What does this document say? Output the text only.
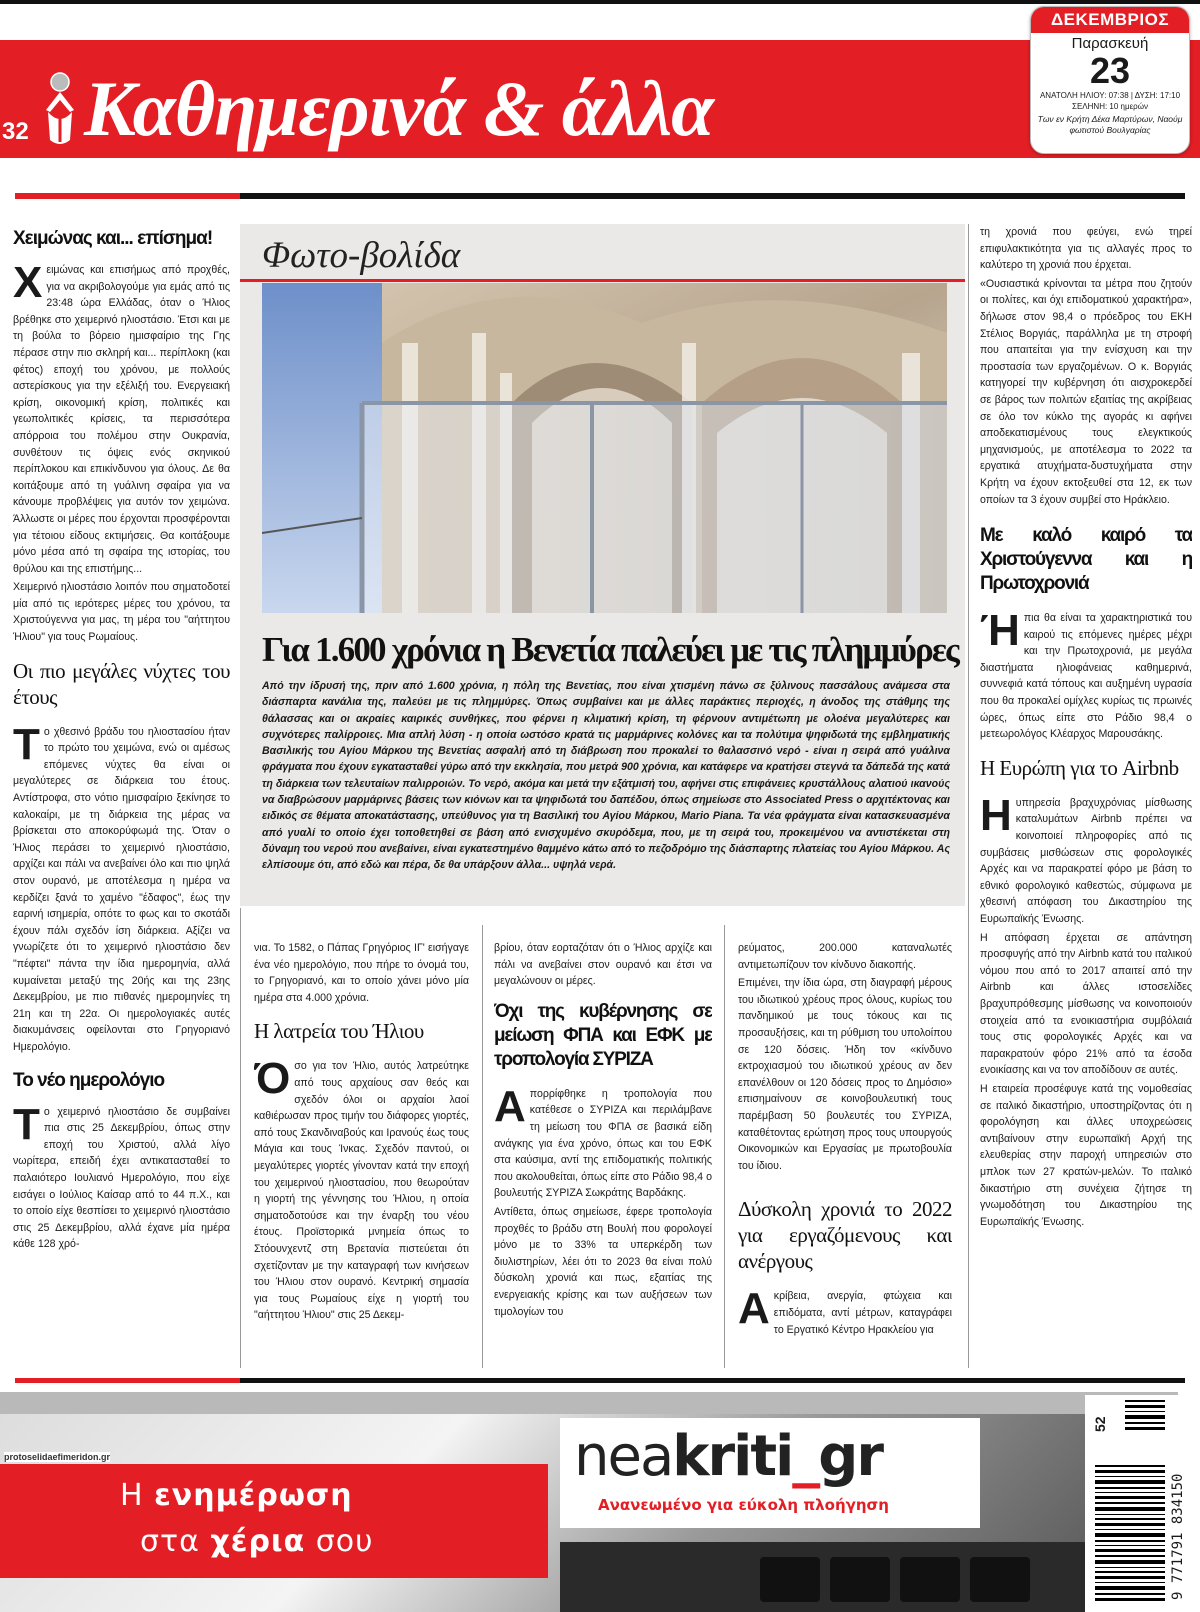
32 Καθημερινά & άλλα
ΔΕΚΕΜΒΡΙΟΣ
Παρασκευή
23
ΑΝΑΤΟΛΗ ΗΛΙΟΥ: 07:38 | ΔΥΣΗ: 17:10
ΣΕΛΗΝΗ: 10 ημερών
Των εν Κρήτη Δέκα Μαρτύρων, Ναούμ φωτιστού Βουλγαρίας
Χειμώνας και... επίσημα!

Χειμώνας και επισήμως από προχθές, για να ακριβολογούμε για εμάς από τις 23:48 ώρα Ελλάδας, όταν ο Ήλιος βρέθηκε στο χειμερινό ηλιοστάσιο. Έτσι και με τη βούλα το βόρειο ημισφαίριο της Γης πέρασε στην πιο σκληρή και... περίπλοκη (και φέτος) εποχή του χρόνου, με πολλούς αστερίσκους για την εξέλιξή του. Ενεργειακή κρίση, οικονομική κρίση, πολιτικές και γεωπολιτικές κρίσεις, τα περισσότερα απόρροια του πολέμου στην Ουκρανία, συνθέτουν τις όψεις ενός σκηνικού περίπλοκου και επικίνδυνου για όλους. Δε θα κοιτάξουμε από τη γυάλινη σφαίρα για να κάνουμε προβλέψεις για αυτόν τον χειμώνα. Άλλωστε οι μέρες που έρχονται προσφέρονται για τέτοιου είδους εκτιμήσεις. Θα κοιτάξουμε μόνο μέσα από τη σφαίρα της ιστορίας, του θρύλου και της επιστήμης...

Χειμερινό ηλιοστάσιο λοιπόν που σηματοδοτεί μία από τις ιερότερες μέρες του χρόνου, τα Χριστούγεννα για μας, τη μέρα του "αήττητου Ήλιου" για τους Ρωμαίους.

Οι πιο μεγάλες νύχτες του έτους

Το χθεσινό βράδυ του ηλιοστασίου ήταν το πρώτο του χειμώνα, ενώ οι αμέσως επόμενες νύχτες θα είναι οι μεγαλύτερες σε διάρκεια του έτους. Αντίστροφα, στο νότιο ημισφαίριο ξεκίνησε το καλοκαίρι, με τη διάρκεια της μέρας να βρίσκεται στο αποκορύφωμά της. Όταν ο Ήλιος περάσει το χειμερινό ηλιοστάσιο, αρχίζει και πάλι να ανεβαίνει όλο και πιο ψηλά στον ουρανό, με αποτέλεσμα η ημέρα να κερδίζει ξανά το χαμένο "έδαφος", έως την εαρινή ισημερία, οπότε το φως και το σκοτάδι έχουν πάλι σχεδόν ίση διάρκεια. Αξίζει να γνωρίζετε ότι το χειμερινό ηλιοστάσιο δεν "πέφτει" πάντα την ίδια ημερομηνία, αλλά κυμαίνεται μεταξύ της 20ής και της 23ης Δεκεμβρίου, με πιο πιθανές ημερομηνίες τη 21η και τη 22α. Οι ημερολογιακές αυτές διακυμάνσεις οφείλονται στο Γρηγοριανό Ημερολόγιο.

Το νέο ημερολόγιο

Το χειμερινό ηλιοστάσιο δε συμβαίνει πια στις 25 Δεκεμβρίου, όπως στην εποχή του Χριστού, αλλά λίγο νωρίτερα, επειδή έχει αντικατασταθεί το παλαιότερο Ιουλιανό Ημερολόγιο, που είχε εισάγει ο Ιούλιος Καίσαρ από το 44 π.Χ., και το οποίο είχε θεσπίσει το χειμερινό ηλιοστάσιο στις 25 Δεκεμβρίου, αλλά έχανε μία ημέρα κάθε 128 χρό-

Φωτο-βολίδα
Για 1.600 χρόνια η Βενετία παλεύει με τις πλημμύρες
Από την ίδρυσή της, πριν από 1.600 χρόνια, η πόλη της Βενετίας, που είναι χτισμένη πάνω σε ξύλινους πασσάλους ανάμεσα στα διάσπαρτα κανάλια της, παλεύει με τις πλημμύρες. Όπως συμβαίνει και με άλλες παράκτιες περιοχές, η άνοδος της στάθμης της θάλασσας και οι ακραίες καιρικές συνθήκες, που φέρνει η κλιματική κρίση, τη φέρνουν αντιμέτωπη με ολοένα μεγαλύτερες και συχνότερες παλίρροιες. Μια απλή λύση - η οποία ωστόσο κρατά τις μαρμάρινες κολόνες και τα πολύτιμα ψηφιδωτά της εμβληματικής Βασιλικής του Αγίου Μάρκου της Βενετίας ασφαλή από τη διάβρωση που προκαλεί το θαλασσινό νερό - είναι η σειρά από γυάλινα φράγματα που έχουν εγκατασταθεί γύρω από την εκκλησία, που μετρά 900 χρόνια, και κατάφερε να κρατήσει στεγνά τα δάπεδά της κατά τη διάρκεια των τελευταίων παλιρροιών. Το νερό, ακόμα και μετά την εξάτμισή του, αφήνει στις επιφάνειες κρυστάλλους αλατιού ικανούς να διαβρώσουν μαρμάρινες βάσεις των κιόνων και τα ψηφιδωτά του δαπέδου, όπως σημείωσε στο Associated Press ο αρχιτέκτονας και ειδικός σε θέματα αποκατάστασης, υπεύθυνος για τη Βασιλική του Αγίου Μάρκου, Mario Piana. Τα νέα φράγματα είναι κατασκευασμένα από γυαλί το οποίο έχει τοποθετηθεί σε βάση από ενισχυμένο σκυρόδεμα, που, με τη σειρά του, προκειμένου να αντιστέκεται στη δύναμη του νερού που ανεβαίνει, είναι εγκατεστημένο θαμμένο κάτω από το πεζοδρόμιο της διάσπαρτης πλατείας του Αγίου Μάρκου. Ας ελπίσουμε ότι, από εδώ και πέρα, δε θα υπάρξουν άλλα... υψηλά νερά.

νια. Το 1582, ο Πάπας Γρηγόριος ΙΓ' εισήγαγε ένα νέο ημερολόγιο, που πήρε το όνομά του, το Γρηγοριανό, και το οποίο χάνει μόνο μία ημέρα στα 4.000 χρόνια.

Η λατρεία του Ήλιου

Όσο για τον Ήλιο, αυτός λατρεύτηκε από τους αρχαίους σαν θεός και σχεδόν όλοι οι αρχαίοι λαοί καθιέρωσαν προς τιμήν του διάφορες γιορτές, από τους Σκανδιναβούς και Ιρανούς έως τους Μάγια και τους Ίνκας. Σχεδόν παντού, οι μεγαλύτερες γιορτές γίνονταν κατά την εποχή του χειμερινού ηλιοστασίου, που θεωρούταν η γιορτή της γέννησης του Ήλιου, η οποία σηματοδοτούσε και την έναρξη του νέου έτους. Προϊστορικά μνημεία όπως το Στόουνχεντζ στη Βρετανία πιστεύεται ότι σχετίζονταν με την καταγραφή των κινήσεων του Ήλιου στον ουρανό. Κεντρική σημασία για τους Ρωμαίους είχε η γιορτή του "αήττητου Ήλιου" στις 25 Δεκεμ-

βρίου, όταν εορταζόταν ότι ο Ήλιος αρχίζε και πάλι να ανεβαίνει στον ουρανό και έτσι να μεγαλώνουν οι μέρες.

Όχι της κυβέρνησης σε μείωση ΦΠΑ και ΕΦΚ με τροπολογία ΣΥΡΙΖΑ

Απορρίφθηκε η τροπολογία που κατέθεσε ο ΣΥΡΙΖΑ και περιλάμβανε τη μείωση του ΦΠΑ σε βασικά είδη ανάγκης για ένα χρόνο, όπως και του ΕΦΚ στα καύσιμα, αντί της επιδοματικής πολιτικής που ακολουθείται, όπως είπε στο Ράδιο 98,4 ο βουλευτής ΣΥΡΙΖΑ Σωκράτης Βαρδάκης.

Αντίθετα, όπως σημείωσε, έφερε τροπολογία προχθές το βράδυ στη Βουλή που φορολογεί μόνο με το 33% τα υπερκέρδη των διυλιστηρίων, λέει ότι το 2023 θα είναι πολύ δύσκολη χρονιά και πως, εξαιτίας της ενεργειακής κρίσης και των αυξήσεων των τιμολογίων του

ρεύματος, 200.000 καταναλωτές αντιμετωπίζουν τον κίνδυνο διακοπής.

Επιμένει, την ίδια ώρα, στη διαγραφή μέρους του ιδιωτικού χρέους προς όλους, κυρίως του πανδημικού με τους τόκους και τις προσαυξήσεις, και τη ρύθμιση του υπολοίπου σε 120 δόσεις. Ήδη τον «κίνδυνο εκτροχιασμού του ιδιωτικού χρέους αν δεν επανέλθουν οι 120 δόσεις προς το Δημόσιο» επισημαίνουν σε κοινοβουλευτική τους παρέμβαση 50 βουλευτές του ΣΥΡΙΖΑ, καταθέτοντας ερώτηση προς τους υπουργούς Οικονομικών και Εργασίας με πρωτοβουλία του ίδιου.

Δύσκολη χρονιά το 2022 για εργαζόμενους και ανέργους

Ακρίβεια, ανεργία, φτώχεια και επιδόματα, αντί μέτρων, καταγράφει το Εργατικό Κέντρο Ηρακλείου για

τη χρονιά που φεύγει, ενώ τηρεί επιφυλακτικότητα για τις αλλαγές προς το καλύτερο τη χρονιά που έρχεται.

«Ουσιαστικά κρίνονται τα μέτρα που ζητούν οι πολίτες, και όχι επιδοματικού χαρακτήρα», δήλωσε στον 98,4 ο πρόεδρος του ΕΚΗ Στέλιος Βοργιάς, παράλληλα με τη στροφή που απαιτείται για την ενίσχυση και την προστασία των εργαζομένων. Ο κ. Βοργιάς κατηγορεί την κυβέρνηση ότι αισχροκερδεί σε βάρος των πολιτών εξαιτίας της ακρίβειας σε όλο τον κύκλο της αγοράς κι αφήνει αποδεκατισμένους τους ελεγκτικούς μηχανισμούς, με αποτέλεσμα το 2022 τα εργατικά ατυχήματα-δυστυχήματα στην Κρήτη να έχουν εκτοξευθεί στα 12, εκ των οποίων τα 3 έχουν συμβεί στο Ηράκλειο.

Με καλό καιρό τα Χριστούγεννα και η Πρωτοχρονιά

Ήπια θα είναι τα χαρακτηριστικά του καιρού τις επόμενες ημέρες μέχρι και την Πρωτοχρονιά, με μεγάλα διαστήματα ηλιοφάνειας καθημερινά, συννεφιά κατά τόπους και αυξημένη υγρασία που θα προκαλεί ομίχλες κυρίως τις πρωινές ώρες, όπως είπε στο Ράδιο 98,4 ο μετεωρολόγος Κλέαρχος Μαρουσάκης.

Η Ευρώπη για το Airbnb

Ηυπηρεσία βραχυχρόνιας μίσθωσης καταλυμάτων Airbnb πρέπει να κοινοποιεί πληροφορίες από τις συμβάσεις μισθώσεων στις φορολογικές Αρχές και να παρακρατεί φόρο με βάση το εθνικό φορολογικό καθεστώς, σύμφωνα με χθεσινή απόφαση του Δικαστηρίου της Ευρωπαϊκής Ένωσης.

Η απόφαση έρχεται σε απάντηση προσφυγής από την Airbnb κατά του ιταλικού νόμου που από το 2017 απαιτεί από την Airbnb και άλλες ιστοσελίδες βραχυπρόθεσμης μίσθωσης να κοινοποιούν στοιχεία από τα ενοικιαστήρια συμβόλαιά τους στις φορολογικές Αρχές και να παρακρατούν φόρο 21% από τα έσοδα ενοικίασης και να τον αποδίδουν σε αυτές.

Η εταιρεία προσέφυγε κατά της νομοθεσίας σε ιταλικό δικαστήριο, υποστηρίζοντας ότι η φορολόγηση και άλλες υποχρεώσεις αντιβαίνουν στην ευρωπαϊκή Αρχή της ελευθερίας στην παροχή υπηρεσιών στο μπλοκ των 27 κρατών-μελών. Το ιταλικό δικαστήριο στη συνέχεια ζήτησε τη γνωμοδότηση του Δικαστηρίου της Ευρωπαϊκής Ένωσης.

protoselidaefimeridon.gr
Η ενημέρωση
στα χέρια σου
neakriti_gr
Ανανεωμένο για εύκολη πλοήγηση
52
9 771791 834150
